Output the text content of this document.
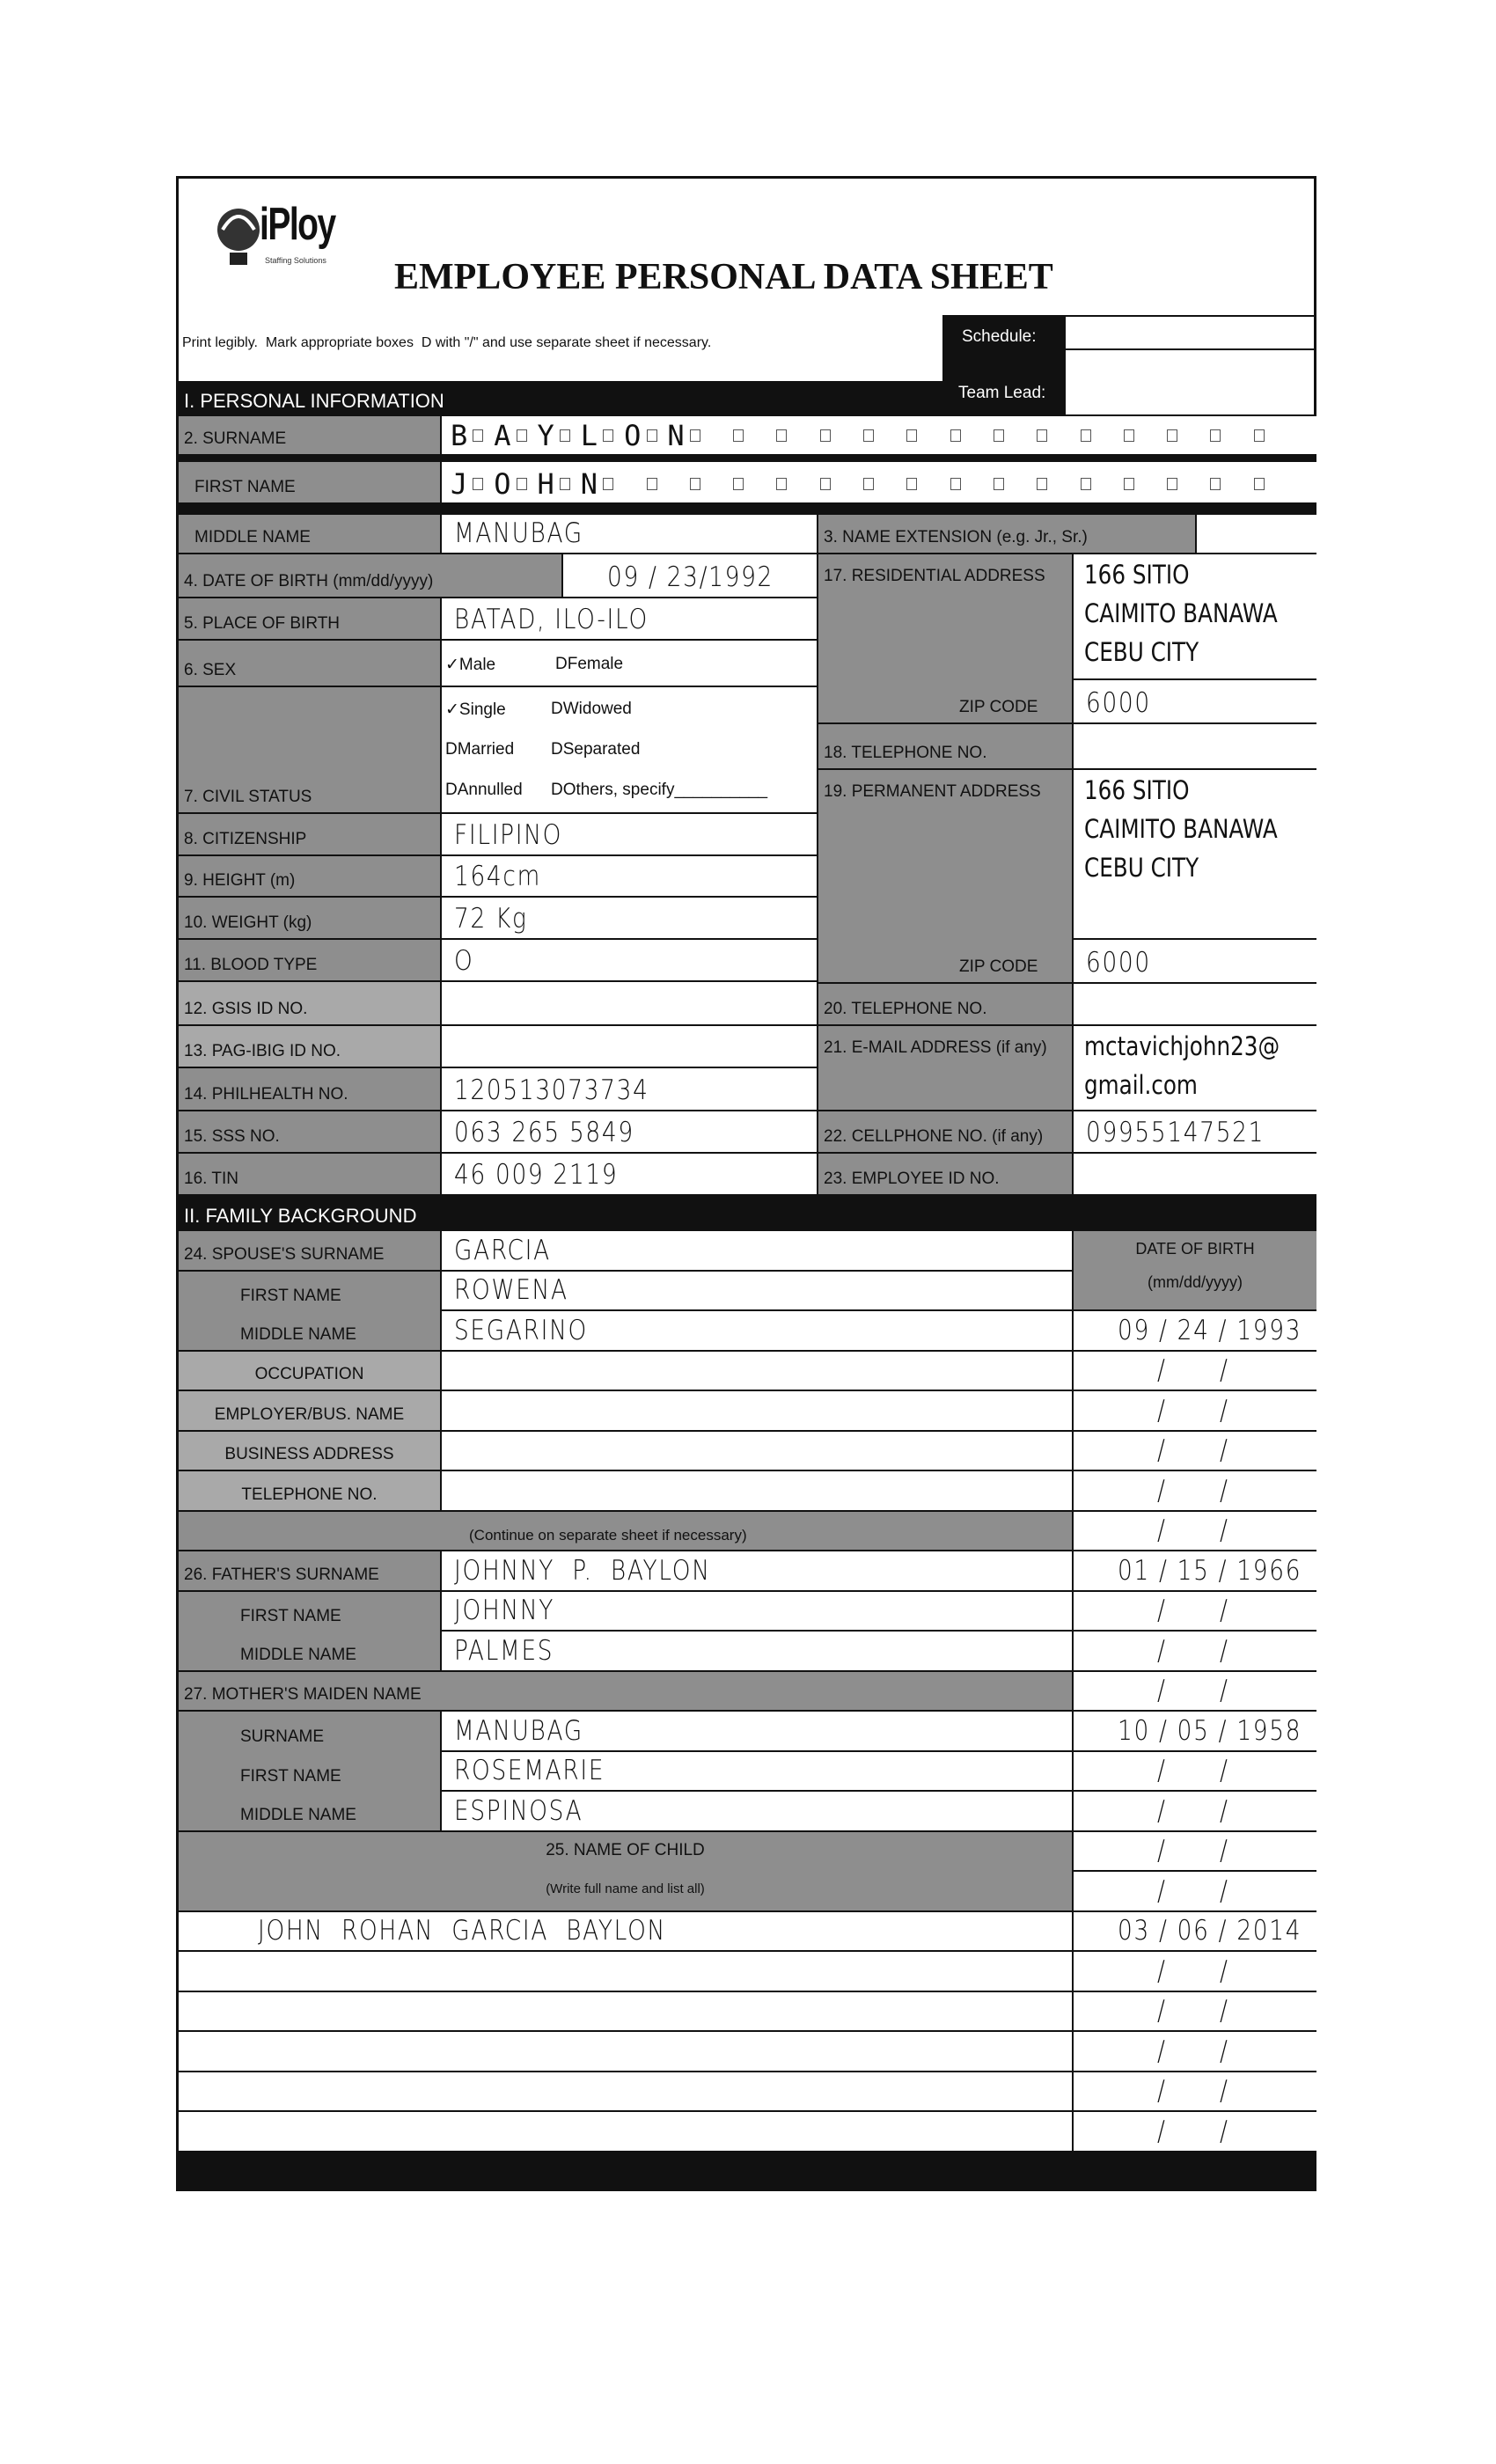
iPloy
Staffing Solutions EMPLOYEE PERSONAL DATA SHEET
Print legibly.  Mark appropriate boxes  D with "/" and use separate sheet if necessary.	Schedule:
Team Lead:
I. PERSONAL INFORMATION
2. SURNAME	BAYLON
FIRST NAME	JOHN
MIDDLE NAME	MANUBAG
4. DATE OF BIRTH (mm/dd/yyyy)	09 / 23/1992
5. PLACE OF BIRTH	BATAD, ILO-ILO
6. SEX	✓Male	DFemale
7. CIVIL STATUS
✓Single	DWidowed
DMarried DSeparated
DAnnulled DOthers, specify__________
8. CITIZENSHIP	FILIPINO
9. HEIGHT (m)	164cm
10. WEIGHT (kg)	72 Kg
11. BLOOD TYPE	O
12. GSIS ID NO.
13. PAG-IBIG ID NO.
14. PHILHEALTH NO.	120513073734
15. SSS NO.	063 265 5849
16. TIN	46 009 2119
3. NAME EXTENSION (e.g. Jr., Sr.)
17. RESIDENTIAL ADDRESS 166 SITIO
CAIMITO BANAWA
CEBU CITY
ZIP CODE 6000
18. TELEPHONE NO.
19. PERMANENT ADDRESS 166 SITIO
CAIMITO BANAWA
CEBU CITY
ZIP CODE 6000
20. TELEPHONE NO.
21. E-MAIL ADDRESS (if any) mctavichjohn23@
gmail.com
22. CELLPHONE NO. (if any) 09955147521
23. EMPLOYEE ID NO.
II. FAMILY BACKGROUND
24. SPOUSE'S SURNAME	GARCIA	DATE OF BIRTH
(mm/dd/yyyy)
FIRST NAME	ROWENA
MIDDLE NAME	SEGARINO	09 / 24 / 1993
OCCUPATION	/      /
EMPLOYER/BUS. NAME	/      /
BUSINESS ADDRESS	/      /
TELEPHONE NO.	/      /
(Continue on separate sheet if necessary)	/      /
26. FATHER'S SURNAME	JOHNNY  P.  BAYLON	01 / 15 / 1966
FIRST NAME	JOHNNY	/      /
MIDDLE NAME	PALMES	/      /
27. MOTHER'S MAIDEN NAME	/      /
SURNAME	MANUBAG	10 / 05 / 1958
FIRST NAME	ROSEMARIE	/      /
MIDDLE NAME	ESPINOSA	/      /
25. NAME OF CHILD
(Write full name and list all)
/      /
/      /
JOHN  ROHAN  GARCIA  BAYLON	03 / 06 / 2014
/      /
/      /
/      /
/      /
/      /
